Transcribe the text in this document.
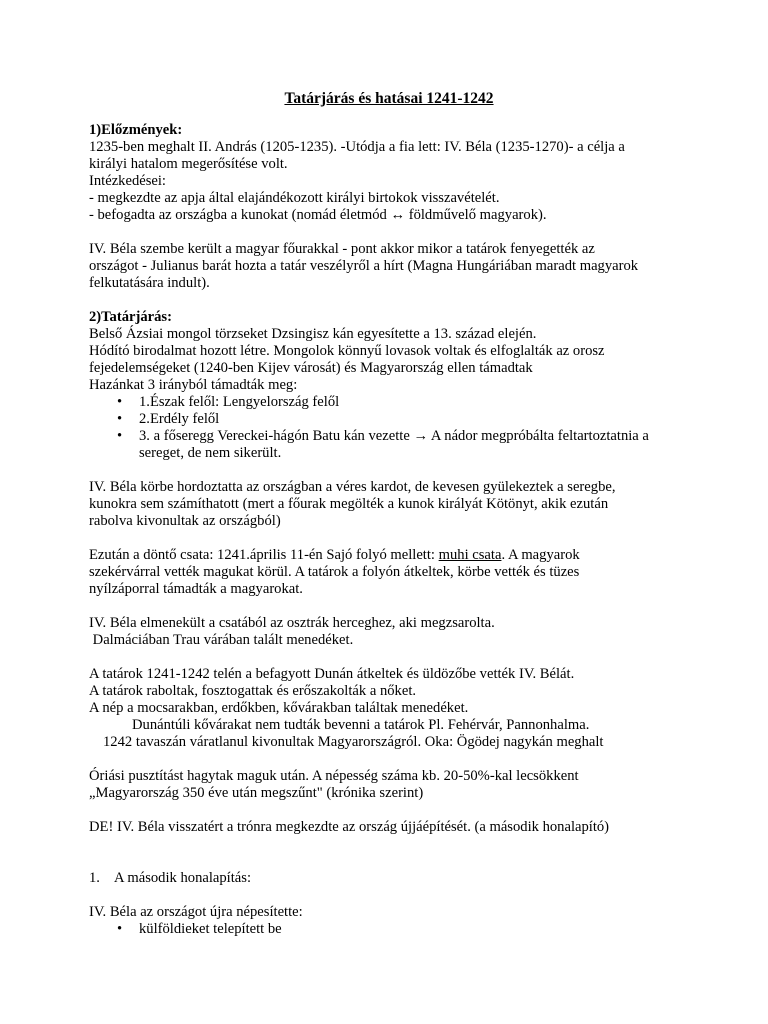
Tatárjárás és hatásai 1241-1242
1)Előzmények:
1235-ben meghalt II. András (1205-1235). -Utódja a fia lett: IV. Béla (1235-1270)- a célja a
királyi hatalom megerősítése volt.
Intézkedései:
- megkezdte az apja által elajándékozott királyi birtokok visszavételét.
- befogadta az országba a kunokat (nomád életmód ↔ földművelő magyarok).
IV. Béla szembe került a magyar főurakkal - pont akkor mikor a tatárok fenyegették az
országot - Julianus barát hozta a tatár veszélyről a hírt (Magna Hungáriában maradt magyarok
felkutatására indult).
2)Tatárjárás:
Belső Ázsiai mongol törzseket Dzsingisz kán egyesítette a 13. század elején.
Hódító birodalmat hozott létre. Mongolok könnyű lovasok voltak és elfoglalták az orosz
fejedelemségeket (1240-ben Kijev városát) és Magyarország ellen támadtak
Hazánkat 3 irányból támadták meg:
• 1.Észak felől: Lengyelország felől
• 2.Erdély felől
• 3. a főseregg Vereckei-hágón Batu kán vezette → A nádor megpróbálta feltartoztatnia a
sereget, de nem sikerült.
IV. Béla körbe hordoztatta az országban a véres kardot, de kevesen gyülekeztek a seregbe,
kunokra sem számíthatott (mert a főurak megölték a kunok királyát Kötönyt, akik ezután
rabolva kivonultak az országból)
Ezután a döntő csata: 1241.április 11-én Sajó folyó mellett: muhi csata. A magyarok
szekérvárral vették magukat körül. A tatárok a folyón átkeltek, körbe vették és tüzes
nyílzáporral támadták a magyarokat.
IV. Béla elmenekült a csatából az osztrák herceghez, aki megzsarolta.
Dalmáciában Trau várában talált menedéket.
A tatárok 1241-1242 telén a befagyott Dunán átkeltek és üldözőbe vették IV. Bélát.
A tatárok raboltak, fosztogattak és erőszakolták a nőket.
A nép a mocsarakban, erdőkben, kővárakban találtak menedéket.
Dunántúli kővárakat nem tudták bevenni a tatárok Pl. Fehérvár, Pannonhalma.
1242 tavaszán váratlanul kivonultak Magyarországról. Oka: Ögödej nagykán meghalt
Óriási pusztítást hagytak maguk után. A népesség száma kb. 20-50%-kal lecsökkent
„Magyarország 350 éve után megszűnt" (krónika szerint)
DE! IV. Béla visszatért a trónra megkezdte az ország újjáépítését. (a második honalapító)
1. A második honalapítás:
IV. Béla az országot újra népesítette:
• külföldieket telepített be
